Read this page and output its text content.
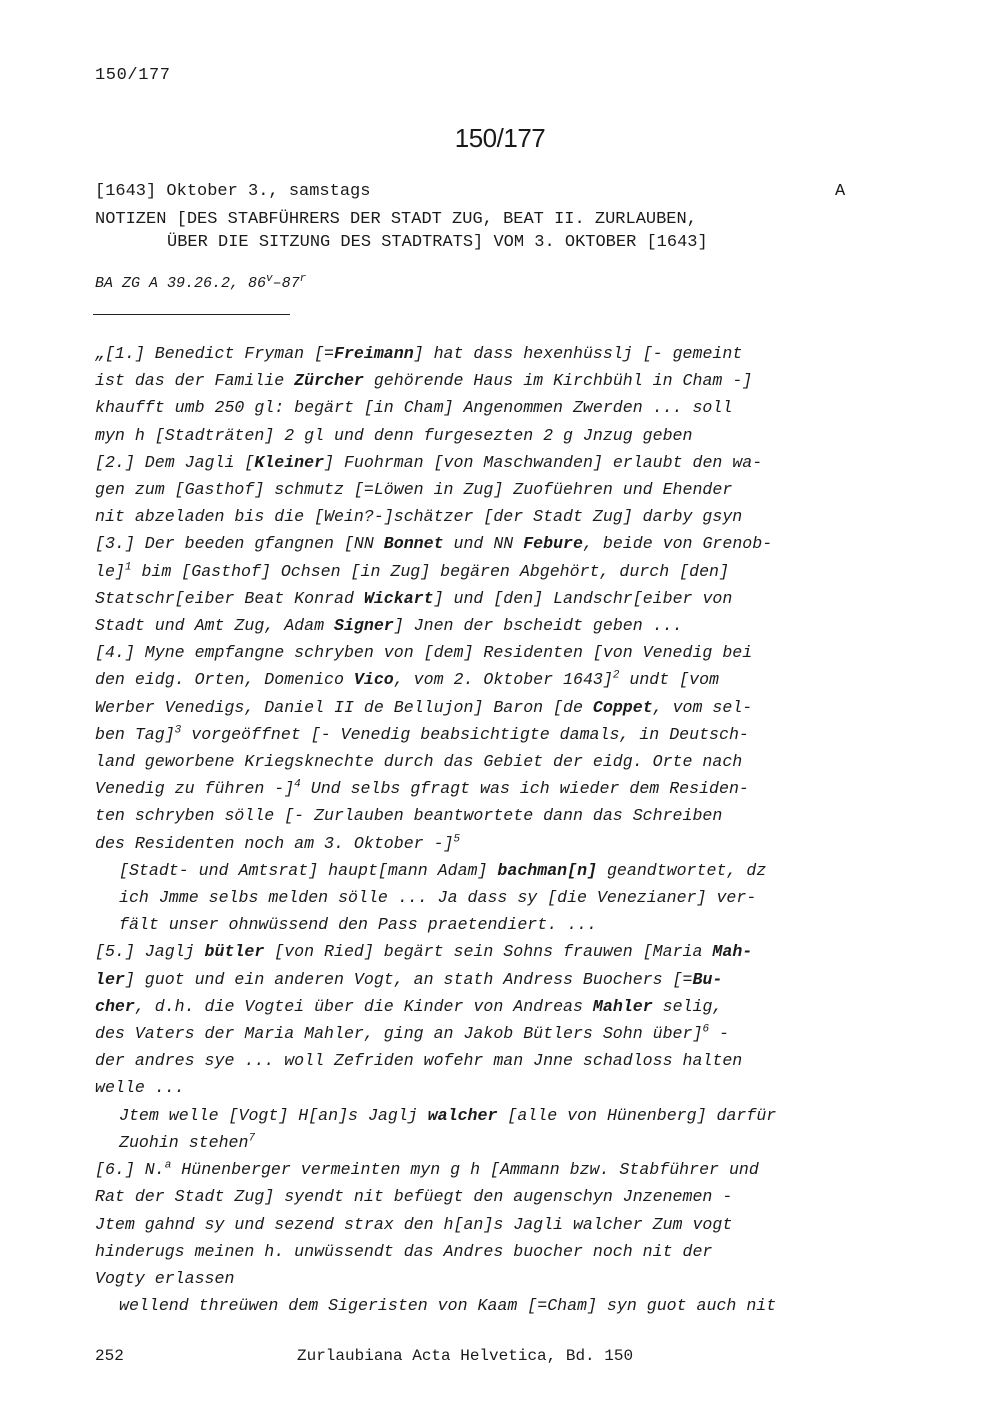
150/177
150/177
[1643] Oktober 3., samstags	A
NOTIZEN [DES STABFÜHRERS DER STADT ZUG, BEAT II. ZURLAUBEN,
ÜBER DIE SITZUNG DES STADTRATS] VOM 3. OKTOBER [1643]
BA ZG A 39.26.2, 86$^v$–87$^r$
„[1.] Benedict Fryman [=Freimann] hat dass hexenhüsslj [- gemeint
ist das der Familie Zürcher gehörende Haus im Kirchbühl in Cham -]
khaufft umb 250 gl: begärt [in Cham] Angenommen Zwerden ... soll
myn h [Stadträten] 2 gl und denn furgesezten 2 g Jnzug geben
[2.] Dem Jagli [Kleiner] Fuohrman [von Maschwanden] erlaubt den wa-
gen zum [Gasthof] schmutz [=Löwen in Zug] Zuofüehren und Ehender
nit abzeladen bis die [Wein?-]schätzer [der Stadt Zug] darby gsyn
[3.] Der beeden gfangnen [NN Bonnet und NN Febure, beide von Grenob-
le]$^1$ bim [Gasthof] Ochsen [in Zug] begären Abgehört, durch [den]
Statschr[eiber Beat Konrad Wickart] und [den] Landschr[eiber von
Stadt und Amt Zug, Adam Signer] Jnen der bscheidt geben ...
[4.] Myne empfangne schryben von [dem] Residenten [von Venedig bei
den eidg. Orten, Domenico Vico, vom 2. Oktober 1643]$^2$ undt [vom
Werber Venedigs, Daniel II de Bellujon] Baron [de Coppet, vom sel-
ben Tag]$^3$ vorgeöffnet [- Venedig beabsichtigte damals, in Deutsch-
land geworbene Kriegsknechte durch das Gebiet der eidg. Orte nach
Venedig zu führen -]$^4$ Und selbs gfragt was ich wieder dem Residen-
ten schryben sölle [- Zurlauben beantwortete dann das Schreiben
des Residenten noch am 3. Oktober -]$^5$
[Stadt- und Amtsrat] haupt[mann Adam] bachman[n] geandtwortet, dz
ich Jmme selbs melden sölle ... Ja dass sy [die Venezianer] ver-
fält unser ohnwüssend den Pass praetendiert. ...
[5.] Jaglj bütler [von Ried] begärt sein Sohns frauwen [Maria Mah-
ler] guot und ein anderen Vogt, an stath Andress Buochers [=Bu-
cher, d.h. die Vogtei über die Kinder von Andreas Mahler selig,
des Vaters der Maria Mahler, ging an Jakob Bütlers Sohn über]$^6$ -
der andres sye ... woll Zefriden wofehr man Jnne schadloss halten
welle ...
Jtem welle [Vogt] H[an]s Jaglj walcher [alle von Hünenberg] darfür
Zuohin stehen$^7$
[6.] N.$^a$ Hünenberger vermeinten myn g h [Ammann bzw. Stabführer und
Rat der Stadt Zug] syendt nit befüegt den augenschyn Jnzenemen -
Jtem gahnd sy und sezend strax den h[an]s Jagli walcher Zum vogt
hinderugs meinen h. unwüssendt das Andres buocher noch nit der
Vogty erlassen
wellend threüwen dem Sigeristen von Kaam [=Cham] syn guot auch nit
252	Zurlaubiana Acta Helvetica, Bd. 150
